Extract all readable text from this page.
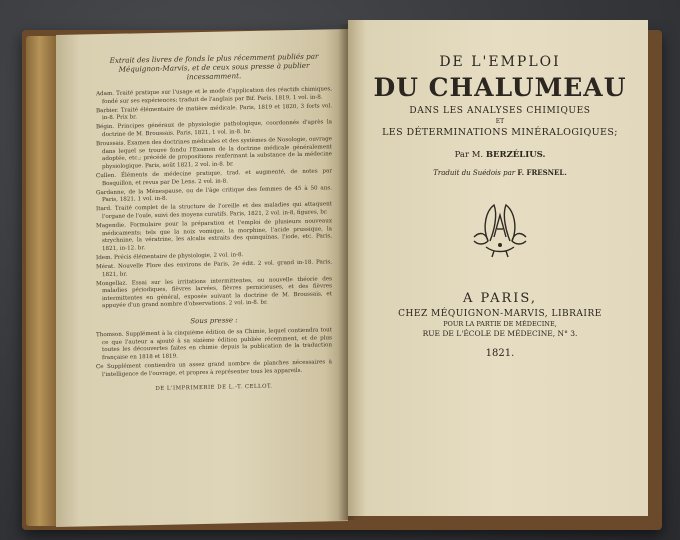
Extrait des livres de fonds le plus récemment publiés par Méquignon-Marvis, et de ceux sous presse à publier incessamment.

Adam. Traité pratique sur l'usage et le mode d'application des réactifs chimiques, fondé sur ses expériences; traduit de l'anglais par Bif. Paris, 1819, 1 vol. in-8.

Barbier. Traité élémentaire de matière médicale. Paris, 1819 et 1820, 3 forts vol. in-8. Prix br.

Bégin. Principes généraux de physiologie pathologique, coordonnés d'après la doctrine de M. Broussais. Paris, 1821, 1 vol. in-8. br.

Broussais. Examen des doctrines médicales et des systèmes de Nosologie, ouvrage dans lequel se trouve fondu l'Examen de la doctrine médicale généralement adoptée, etc.; précédé de propositions renfermant la substance de la médecine physiologique. Paris, août 1821, 2 vol. in-8. br.

Cullen. Éléments de médecine pratique, trad. et augmenté, de notes par Bosquillon, et revus par De Lens. 2 vol. in-8.

Gardanne, de la Ménespause, ou de l'âge critique des femmes de 45 à 50 ans. Paris, 1821, 1 vol. in-8.

Itard. Traité complet de la structure de l'oreille et des maladies qui attaquent l'organe de l'ouïe, suivi des moyens curatifs. Paris, 1821, 2 vol. in-8, figures, br.

Magendie. Formulaire pour la préparation et l'emploi de plusieurs nouveaux médicaments; tels que la noix vomique, la morphine, l'acide prussique, la strychnine, la vératrine, les alcalis extraits des quinquinas, l'iode, etc. Paris, 1821, in-12. br.

Idem. Précis élémentaire de physiologie, 2 vol. in-8.

Mérat. Nouvelle Flore des environs de Paris, 2e édit. 2 vol. grand in-18. Paris, 1821, br.

Mongellaz. Essai sur les irritations intermittentes, ou nouvelle théorie des maladies périodiques, fièvres larvées, fièvres pernicieuses, et des fièvres intermittentes en général, exposée suivant la doctrine de M. Broussais, et appuyée d'un grand nombre d'observations. 2 vol. in-8. br.

Sous presse :

Thomson. Supplément à la cinquième édition de sa Chimie, lequel contiendra tout ce que l'auteur a ajouté à sa sixième édition publiée récemment, et de plus toutes les découvertes faites en chimie depuis la publication de la traduction française en 1818 et 1819.

Ce Supplément contiendra un assez grand nombre de planches nécessaires à l'intelligence de l'ouvrage, et propres à représenter tous les appareils.

DE L'IMPRIMERIE DE L.-T. CELLOT.

DE L'EMPLOI

DU CHALUMEAU

DANS LES ANALYSES CHIMIQUES

ET

LES DÉTERMINATIONS MINÉRALOGIQUES;

Par M. BERZÉLIUS.

Traduit du Suédois par F. FRESNEL.

A PARIS,

CHEZ MÉQUIGNON-MARVIS, LIBRAIRE

POUR LA PARTIE DE MÉDECINE,

RUE DE L'ÉCOLE DE MÉDECINE, N° 3.

1821.
